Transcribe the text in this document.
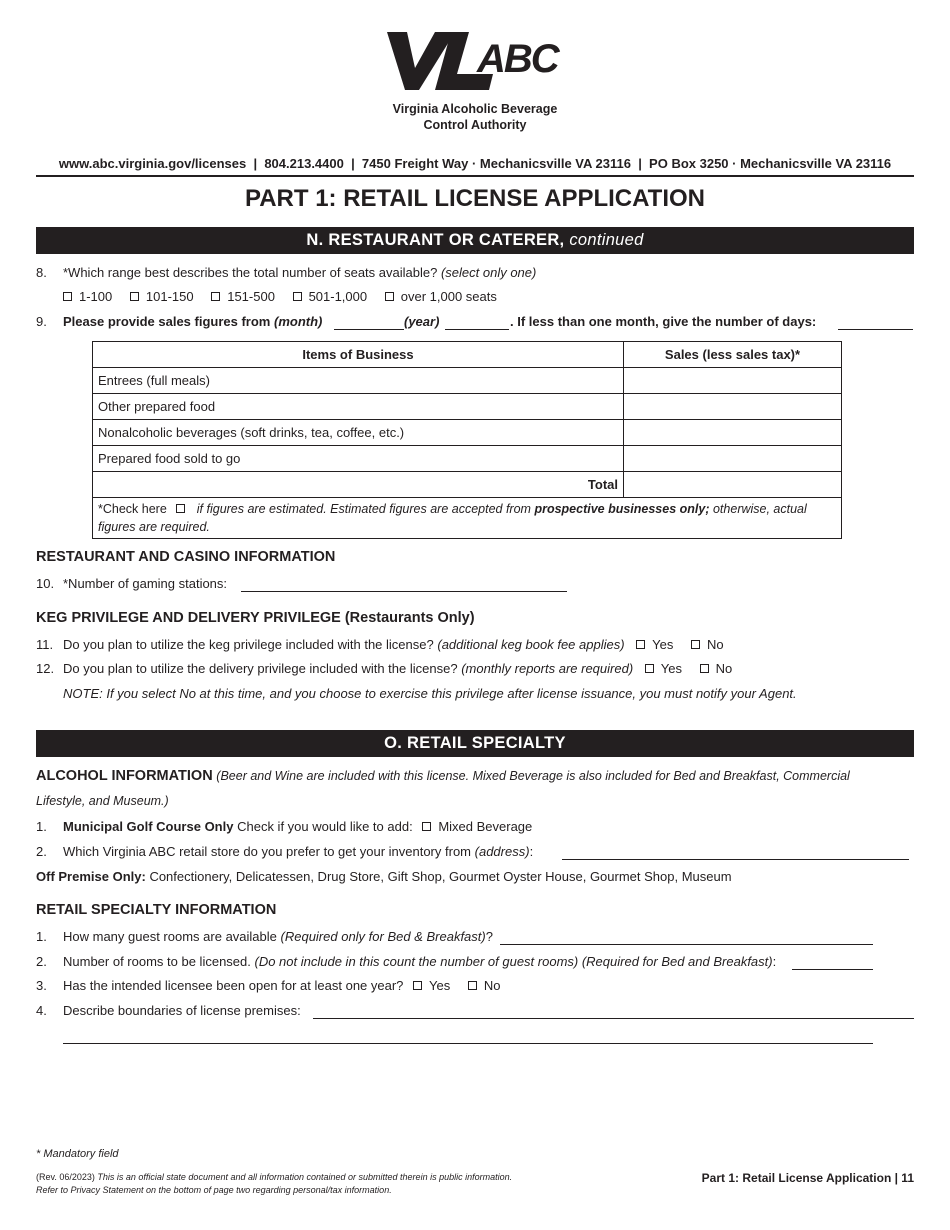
ABC
Virginia Alcoholic Beverage
Control Authority
www.abc.virginia.gov/licenses  |  804.213.4400  |  7450 Freight Way · Mechanicsville VA 23116  |  PO Box 3250 · Mechanicsville VA 23116
PART 1: RETAIL LICENSE APPLICATION
N. RESTAURANT OR CATERER, continued
8. *Which range best describes the total number of seats available? (select only one)
1-100	101-150	151-500	501-1,000	over 1,000 seats
9. Please provide sales figures from (month)	(year)	. If less than one month, give the number of days:
Items of Business	Sales (less sales tax)*
Entrees (full meals)	
Other prepared food	
Nonalcoholic beverages (soft drinks, tea, coffee, etc.)	
Prepared food sold to go	
Total	
*Check here if figures are estimated. Estimated figures are accepted from prospective businesses only; otherwise, actual figures are required.	
RESTAURANT AND CASINO INFORMATION
10. *Number of gaming stations:
KEG PRIVILEGE AND DELIVERY PRIVILEGE (Restaurants Only)
11. Do you plan to utilize the keg privilege included with the license? (additional keg book fee applies) Yes	No
12. Do you plan to utilize the delivery privilege included with the license? (monthly reports are required) Yes	No
NOTE: If you select No at this time, and you choose to exercise this privilege after license issuance, you must notify your Agent.
O. RETAIL SPECIALTY
ALCOHOL INFORMATION (Beer and Wine are included with this license. Mixed Beverage is also included for Bed and Breakfast, Commercial
Lifestyle, and Museum.)
1. Municipal Golf Course Only Check if you would like to add: Mixed Beverage
2. Which Virginia ABC retail store do you prefer to get your inventory from (address):
Off Premise Only: Confectionery, Delicatessen, Drug Store, Gift Shop, Gourmet Oyster House, Gourmet Shop, Museum
RETAIL SPECIALTY INFORMATION
1. How many guest rooms are available (Required only for Bed & Breakfast)?
2. Number of rooms to be licensed. (Do not include in this count the number of guest rooms) (Required for Bed and Breakfast):
3. Has the intended licensee been open for at least one year? Yes	No
4. Describe boundaries of license premises:
* Mandatory field
(Rev. 06/2023) This is an official state document and all information contained or submitted therein is public information.
Refer to Privacy Statement on the bottom of page two regarding personal/tax information.
Part 1: Retail License Application | 11
